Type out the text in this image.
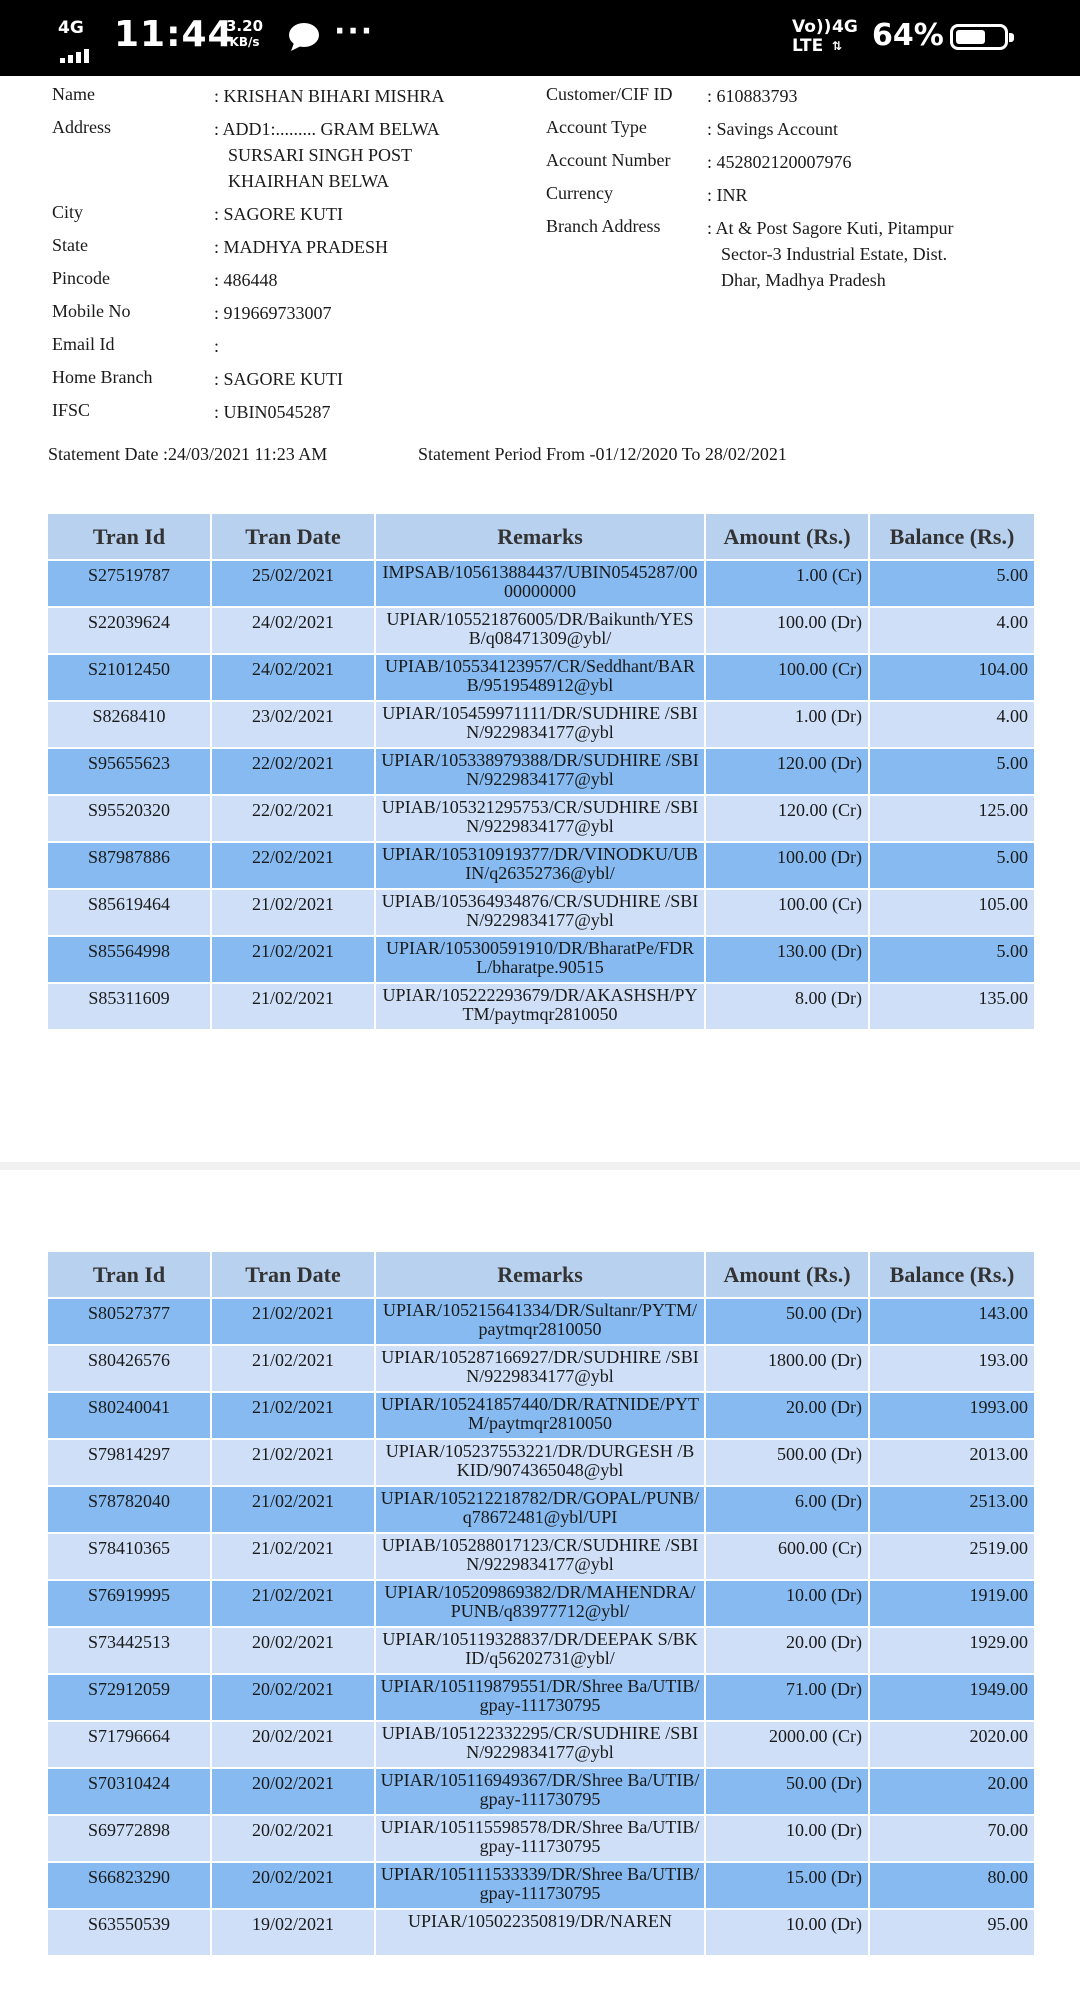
4G 11:44
3.20
KB/s ···	Vo))
LTE
4G
⇅ 64%
Name	: KRISHAN BIHARI MISHRA
Address	: ADD1:......... GRAM BELWA
SURSARI SINGH POST
KHAIRHAN BELWA
City	: SAGORE KUTI
State	: MADHYA PRADESH
Pincode	: 486448
Mobile No	: 919669733007
Email Id	:
Home Branch	: SAGORE KUTI
IFSC	: UBIN0545287
Customer/CIF ID : 610883793
Account Type	: Savings Account
Account Number : 452802120007976
Currency	: INR
Branch Address	: At & Post Sagore Kuti, Pitampur
Sector-3 Industrial Estate, Dist.
Dhar, Madhya Pradesh
Statement Date :24/03/2021 11:23 AM	Statement Period From -01/12/2020 To 28/02/2021
Tran Id	Tran Date	Remarks	Amount (Rs.)	Balance (Rs.)
S27519787	25/02/2021	IMPSAB/105613884437/UBIN0545287/0000000000	1.00 (Cr)	5.00
S22039624	24/02/2021	UPIAR/105521876005/DR/Baikunth/YESB/q08471309@ybl/	100.00 (Dr)	4.00
S21012450	24/02/2021	UPIAB/105534123957/CR/Seddhant/BARB/9519548912@ybl	100.00 (Cr)	104.00
S8268410	23/02/2021	UPIAR/105459971111/DR/SUDHIRE /SBIN/9229834177@ybl	1.00 (Dr)	4.00
S95655623	22/02/2021	UPIAR/105338979388/DR/SUDHIRE /SBIN/9229834177@ybl	120.00 (Dr)	5.00
S95520320	22/02/2021	UPIAB/105321295753/CR/SUDHIRE /SBIN/9229834177@ybl	120.00 (Cr)	125.00
S87987886	22/02/2021	UPIAR/105310919377/DR/VINODKU/UBIN/q26352736@ybl/	100.00 (Dr)	5.00
S85619464	21/02/2021	UPIAB/105364934876/CR/SUDHIRE /SBIN/9229834177@ybl	100.00 (Cr)	105.00
S85564998	21/02/2021	UPIAR/105300591910/DR/BharatPe/FDRL/bharatpe.90515	130.00 (Dr)	5.00
S85311609	21/02/2021	UPIAR/105222293679/DR/AKASHSH/PYTM/paytmqr2810050	8.00 (Dr)	135.00
Tran Id	Tran Date	Remarks	Amount (Rs.)	Balance (Rs.)
S80527377	21/02/2021	UPIAR/105215641334/DR/Sultanr/PYTM/paytmqr2810050	50.00 (Dr)	143.00
S80426576	21/02/2021	UPIAR/105287166927/DR/SUDHIRE /SBIN/9229834177@ybl	1800.00 (Dr)	193.00
S80240041	21/02/2021	UPIAR/105241857440/DR/RATNIDE/PYTM/paytmqr2810050	20.00 (Dr)	1993.00
S79814297	21/02/2021	UPIAR/105237553221/DR/DURGESH /BKID/9074365048@ybl	500.00 (Dr)	2013.00
S78782040	21/02/2021	UPIAR/105212218782/DR/GOPAL/PUNB/q78672481@ybl/UPI	6.00 (Dr)	2513.00
S78410365	21/02/2021	UPIAB/105288017123/CR/SUDHIRE /SBIN/9229834177@ybl	600.00 (Cr)	2519.00
S76919995	21/02/2021	UPIAR/105209869382/DR/MAHENDRA/PUNB/q83977712@ybl/	10.00 (Dr)	1919.00
S73442513	20/02/2021	UPIAR/105119328837/DR/DEEPAK S/BKID/q56202731@ybl/	20.00 (Dr)	1929.00
S72912059	20/02/2021	UPIAR/105119879551/DR/Shree Ba/UTIB/gpay-111730795	71.00 (Dr)	1949.00
S71796664	20/02/2021	UPIAB/105122332295/CR/SUDHIRE /SBIN/9229834177@ybl	2000.00 (Cr)	2020.00
S70310424	20/02/2021	UPIAR/105116949367/DR/Shree Ba/UTIB/gpay-111730795	50.00 (Dr)	20.00
S69772898	20/02/2021	UPIAR/105115598578/DR/Shree Ba/UTIB/gpay-111730795	10.00 (Dr)	70.00
S66823290	20/02/2021	UPIAR/105111533339/DR/Shree Ba/UTIB/gpay-111730795	15.00 (Dr)	80.00
S63550539	19/02/2021	UPIAR/105022350819/DR/NAREN	10.00 (Dr)	95.00
